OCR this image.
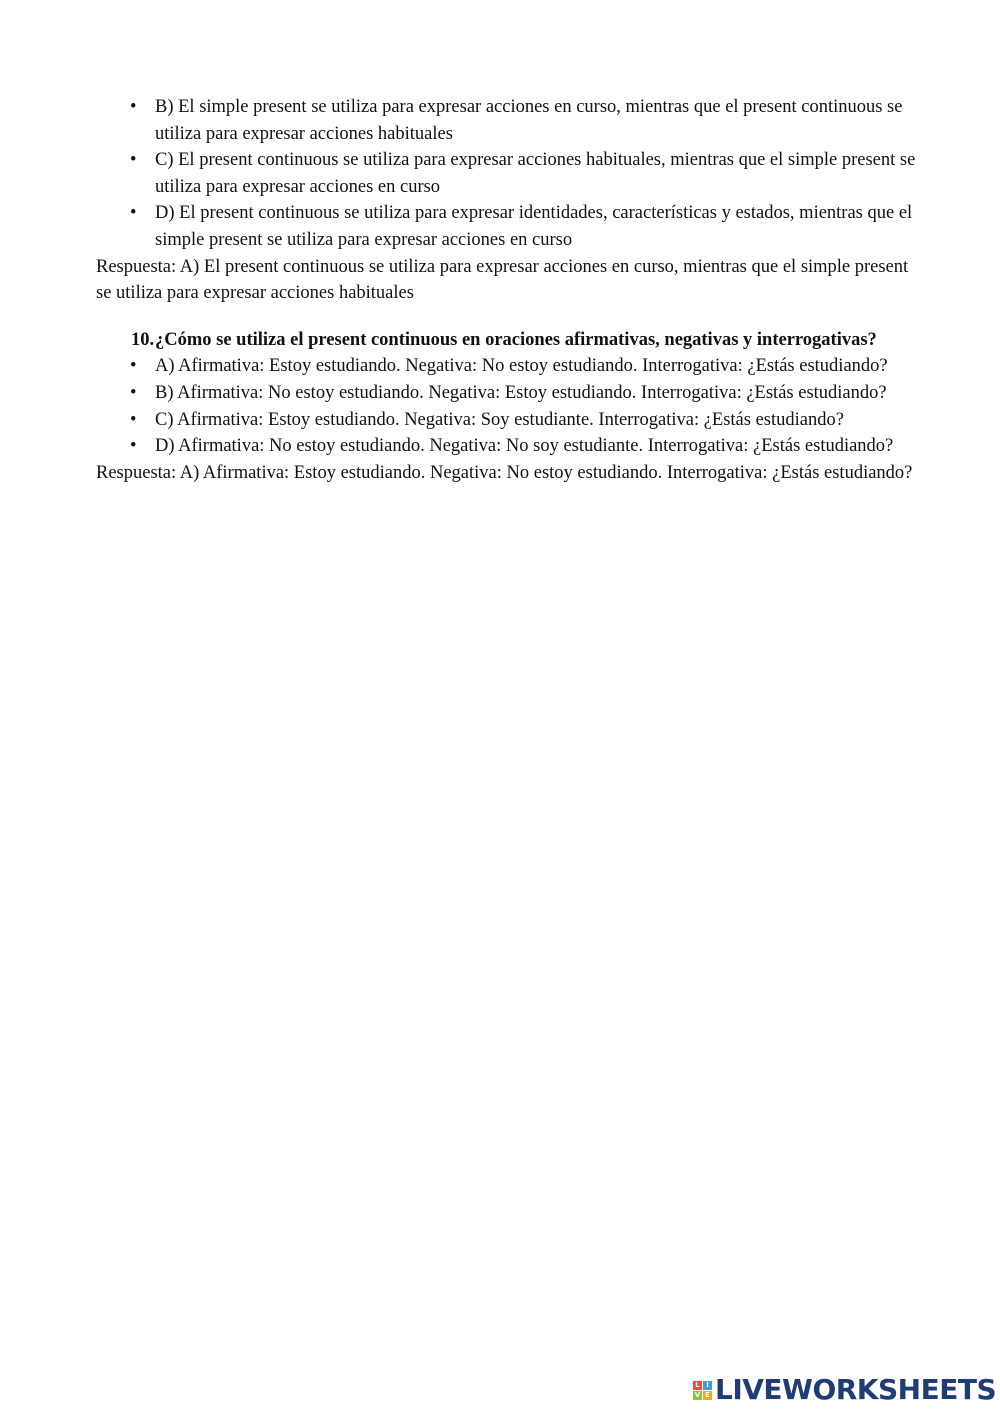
• B) El simple present se utiliza para expresar acciones en curso, mientras que el present continuous se utiliza para expresar acciones habituales
• C) El present continuous se utiliza para expresar acciones habituales, mientras que el simple present se utiliza para expresar acciones en curso
• D) El present continuous se utiliza para expresar identidades, características y estados, mientras que el simple present se utiliza para expresar acciones en curso

Respuesta: A) El present continuous se utiliza para expresar acciones en curso, mientras que el simple present se utiliza para expresar acciones habituales

10. ¿Cómo se utiliza el present continuous en oraciones afirmativas, negativas y interrogativas?

• A) Afirmativa: Estoy estudiando. Negativa: No estoy estudiando. Interrogativa: ¿Estás estudiando?
• B) Afirmativa: No estoy estudiando. Negativa: Estoy estudiando. Interrogativa: ¿Estás estudiando?
• C) Afirmativa: Estoy estudiando. Negativa: Soy estudiante. Interrogativa: ¿Estás estudiando?
• D) Afirmativa: No estoy estudiando. Negativa: No soy estudiante. Interrogativa: ¿Estás estudiando?

Respuesta: A) Afirmativa: Estoy estudiando. Negativa: No estoy estudiando. Interrogativa: ¿Estás estudiando?

L I
V E LIVEWORKSHEETS
